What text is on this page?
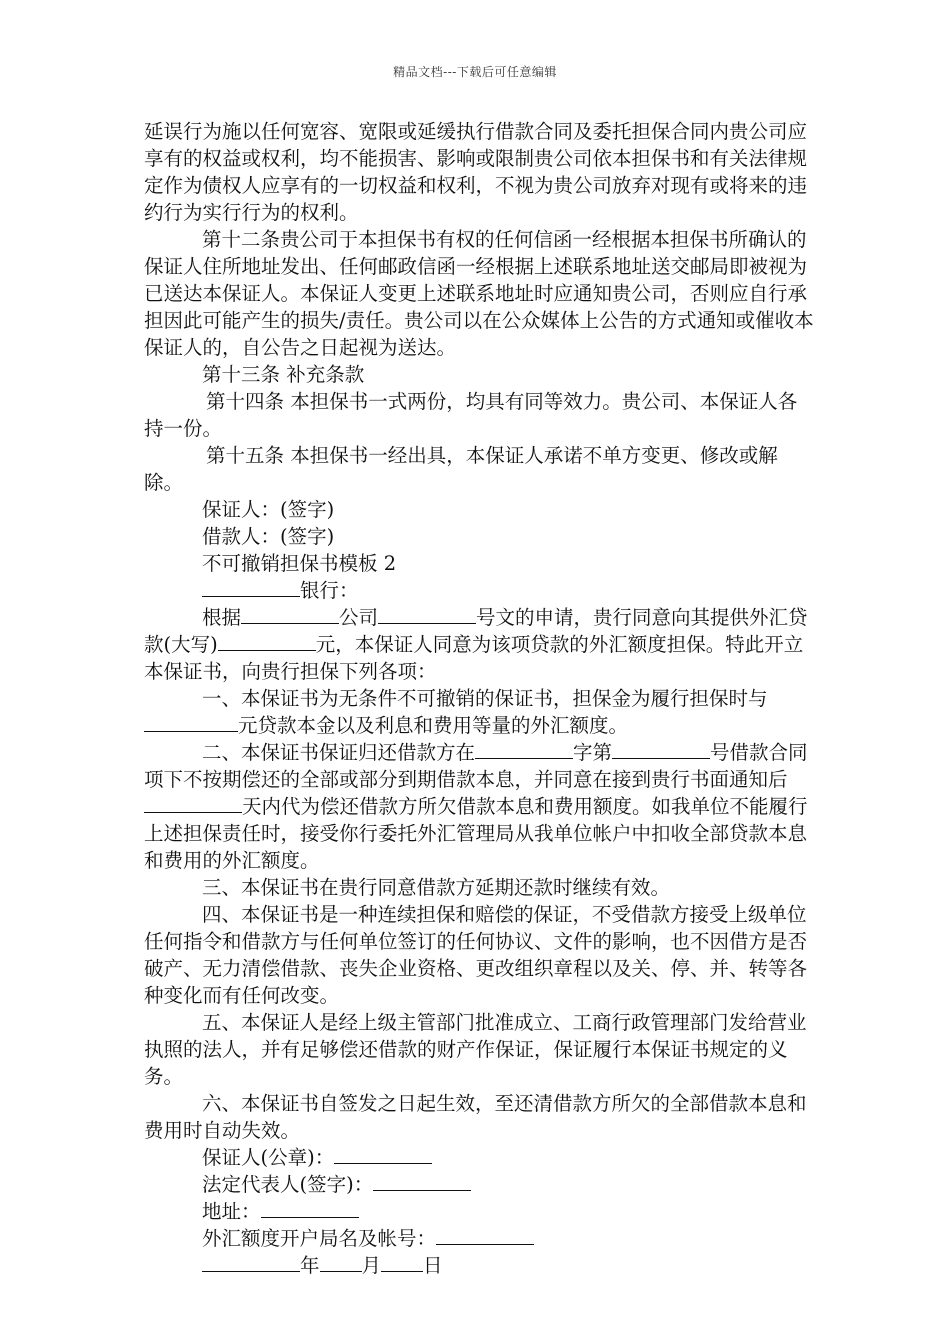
精品文档---下载后可任意编辑

延误行为施以任何宽容、宽限或延缓执行借款合同及委托担保合同内贵公司应享有的权益或权利，均不能损害、影响或限制贵公司依本担保书和有关法律规定作为债权人应享有的一切权益和权利，不视为贵公司放弃对现有或将来的违约行为实行行为的权利。

第十二条贵公司于本担保书有权的任何信函一经根据本担保书所确认的保证人住所地址发出、任何邮政信函一经根据上述联系地址送交邮局即被视为已送达本保证人。本保证人变更上述联系地址时应通知贵公司，否则应自行承担因此可能产生的损失/责任。贵公司以在公众媒体上公告的方式通知或催收本保证人的，自公告之日起视为送达。

第十三条 补充条款

第十四条 本担保书一式两份，均具有同等效力。贵公司、本保证人各持一份。

第十五条 本担保书一经出具，本保证人承诺不单方变更、修改或解除。

保证人：(签字)

借款人：(签字)

不可撤销担保书模板 2

银行：

根据	公司	号文的申请，贵行同意向其提供外汇贷款(大写)	元，本保证人同意为该项贷款的外汇额度担保。特此开立本保证书，向贵行担保下列各项：

一、本保证书为无条件不可撤销的保证书，担保金为履行担保时与元贷款本金以及利息和费用等量的外汇额度。

二、本保证书保证归还借款方在	字第	号借款合同项下不按期偿还的全部或部分到期借款本息，并同意在接到贵行书面通知后天内代为偿还借款方所欠借款本息和费用额度。如我单位不能履行上述担保责任时，接受你行委托外汇管理局从我单位帐户中扣收全部贷款本息和费用的外汇额度。

三、本保证书在贵行同意借款方延期还款时继续有效。

四、本保证书是一种连续担保和赔偿的保证，不受借款方接受上级单位任何指令和借款方与任何单位签订的任何协议、文件的影响，也不因借方是否破产、无力清偿借款、丧失企业资格、更改组织章程以及关、停、并、转等各种变化而有任何改变。

五、本保证人是经上级主管部门批准成立、工商行政管理部门发给营业执照的法人，并有足够偿还借款的财产作保证，保证履行本保证书规定的义务。

六、本保证书自签发之日起生效，至还清借款方所欠的全部借款本息和费用时自动失效。

保证人(公章)：

法定代表人(签字)：

地址：

外汇额度开户局名及帐号：

年 月 日
